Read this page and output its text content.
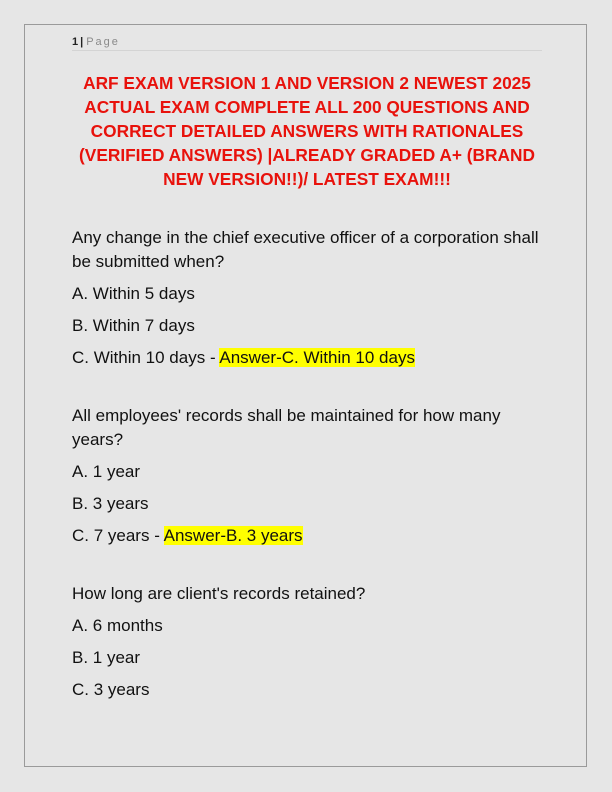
1 | Page
ARF EXAM VERSION 1 AND VERSION 2 NEWEST 2025 ACTUAL EXAM COMPLETE ALL 200 QUESTIONS AND CORRECT DETAILED ANSWERS WITH RATIONALES (VERIFIED ANSWERS) |ALREADY GRADED A+ (BRAND NEW VERSION!!)/ LATEST EXAM!!!

Any change in the chief executive officer of a corporation shall be submitted when?

A. Within 5 days
B. Within 7 days
C. Within 10 days - Answer-C. Within 10 days

All employees' records shall be maintained for how many years?

A. 1 year
B. 3 years
C. 7 years - Answer-B. 3 years

How long are client's records retained?

A. 6 months
B. 1 year
C. 3 years
